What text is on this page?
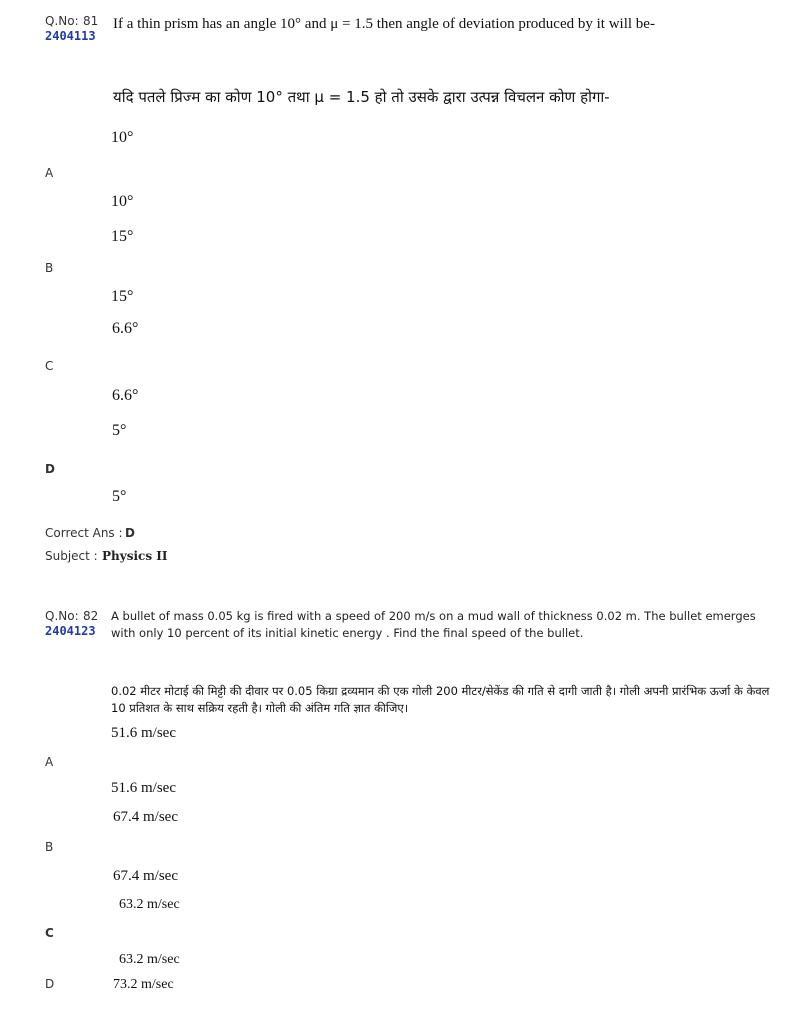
Q.No: 81
2404113
If a thin prism has an angle 10° and μ = 1.5 then angle of deviation produced by it will be-
यदि पतले प्रिज्म का कोण 10° तथा μ = 1.5 हो तो उसके द्वारा उत्पन्न विचलन कोण होगा-
10°
A
10°
15°
B
15°
6.6°
C
6.6°
5°
D
5°
Correct Ans : D
Subject : Physics II
Q.No: 82
2404123
A bullet of mass 0.05 kg is fired with a speed of 200 m/s on a mud wall of thickness 0.02 m. The bullet emerges with only 10 percent of its initial kinetic energy . Find the final speed of the bullet.
0.02 मीटर मोटाई की मिट्टी की दीवार पर 0.05 किग्रा द्रव्यमान की एक गोली 200 मीटर/सेकेंड की गति से दागी जाती है। गोली अपनी प्रारंभिक ऊर्जा के केवल 10 प्रतिशत के साथ सक्रिय रहती है। गोली की अंतिम गति ज्ञात कीजिए।
51.6 m/sec
A
51.6 m/sec
67.4 m/sec
B
67.4 m/sec
63.2 m/sec
C
63.2 m/sec
D	73.2 m/sec
